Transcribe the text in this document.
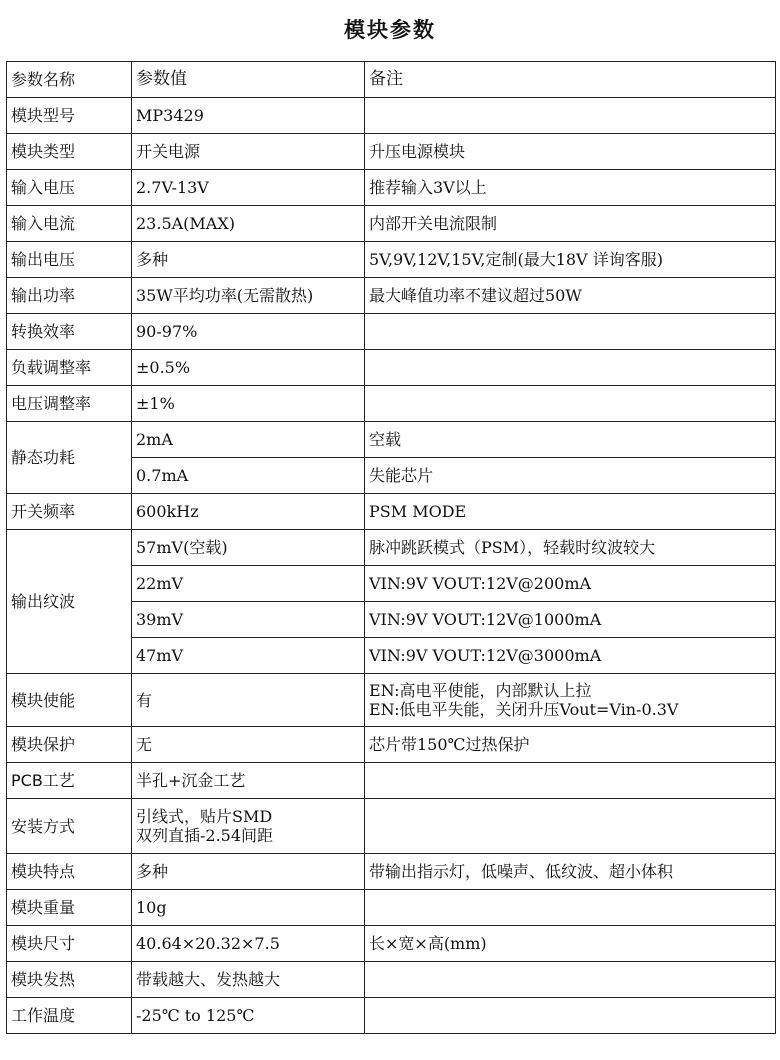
模块参数
参数名称	参数值	备注
模块型号	MP3429	
模块类型	开关电源	升压电源模块
输入电压	2.7V-13V	推荐输入3V以上
输入电流	23.5A(MAX)	内部开关电流限制
输出电压	多种	5V,9V,12V,15V,定制(最大18V 详询客服)
输出功率	35W平均功率(无需散热)	最大峰值功率不建议超过50W
转换效率	90-97%	
负载调整率	±0.5%	
电压调整率	±1%	
静态功耗	2mA	空载
	0.7mA	失能芯片
开关频率	600kHz	PSM MODE
输出纹波	57mV(空载)	脉冲跳跃模式（PSM），轻载时纹波较大
	22mV	VIN:9V VOUT:12V@200mA
	39mV	VIN:9V VOUT:12V@1000mA
	47mV	VIN:9V VOUT:12V@3000mA
模块使能	有	EN:高电平使能，内部默认上拉
EN:低电平失能，关闭升压Vout=Vin-0.3V

模块保护	无	芯片带150℃过热保护
PCB工艺	半孔+沉金工艺	
安装方式	引线式，贴片SMD
双列直插-2.54间距	

模块特点	多种	带输出指示灯，低噪声、低纹波、超小体积
模块重量	10g	
模块尺寸	40.64×20.32×7.5	长×宽×高(mm)
模块发热	带载越大、发热越大	
工作温度	-25℃ to 125℃	
